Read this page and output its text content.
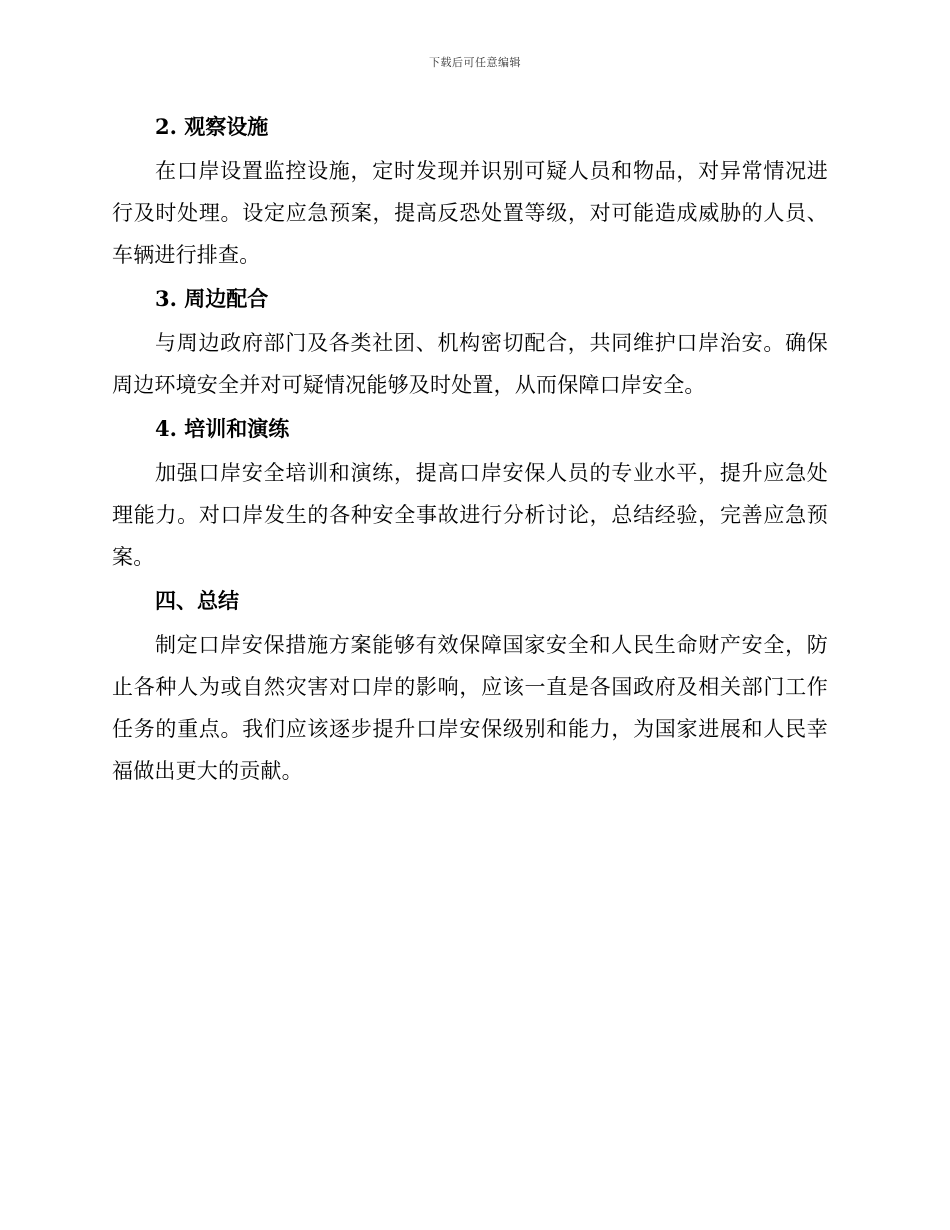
下载后可任意编辑
2. 观察设施

在口岸设置监控设施，定时发现并识别可疑人员和物品，对异常情况进行及时处理。设定应急预案，提高反恐处置等级，对可能造成威胁的人员、车辆进行排查。

3. 周边配合

与周边政府部门及各类社团、机构密切配合，共同维护口岸治安。确保周边环境安全并对可疑情况能够及时处置，从而保障口岸安全。

4. 培训和演练

加强口岸安全培训和演练，提高口岸安保人员的专业水平，提升应急处理能力。对口岸发生的各种安全事故进行分析讨论，总结经验，完善应急预案。

四、总结

制定口岸安保措施方案能够有效保障国家安全和人民生命财产安全，防止各种人为或自然灾害对口岸的影响，应该一直是各国政府及相关部门工作任务的重点。我们应该逐步提升口岸安保级别和能力，为国家进展和人民幸福做出更大的贡献。
